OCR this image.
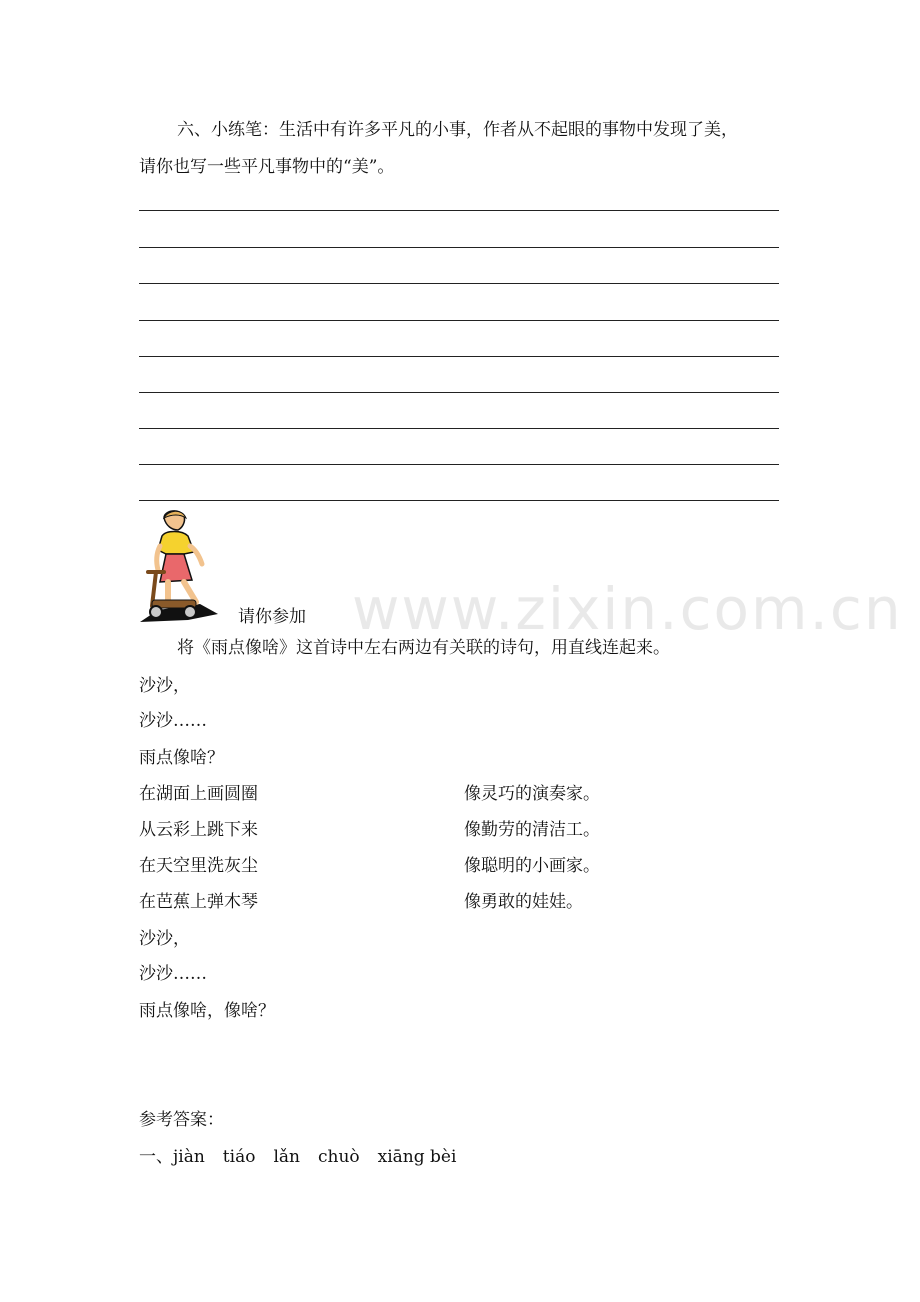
www.zixin.com.cn
六、小练笔：生活中有许多平凡的小事，作者从不起眼的事物中发现了美，
请你也写一些平凡事物中的“美”。
请你参加
将《雨点像啥》这首诗中左右两边有关联的诗句，用直线连起来。
沙沙，
沙沙……
雨点像啥？
在湖面上画圆圈
从云彩上跳下来
在天空里洗灰尘
在芭蕉上弹木琴
像灵巧的演奏家。
像勤劳的清洁工。
像聪明的小画家。
像勇敢的娃娃。
沙沙，
沙沙……
雨点像啥，像啥？
参考答案：
一、jiàn tiáo lǎn chuò xiāng bèi
